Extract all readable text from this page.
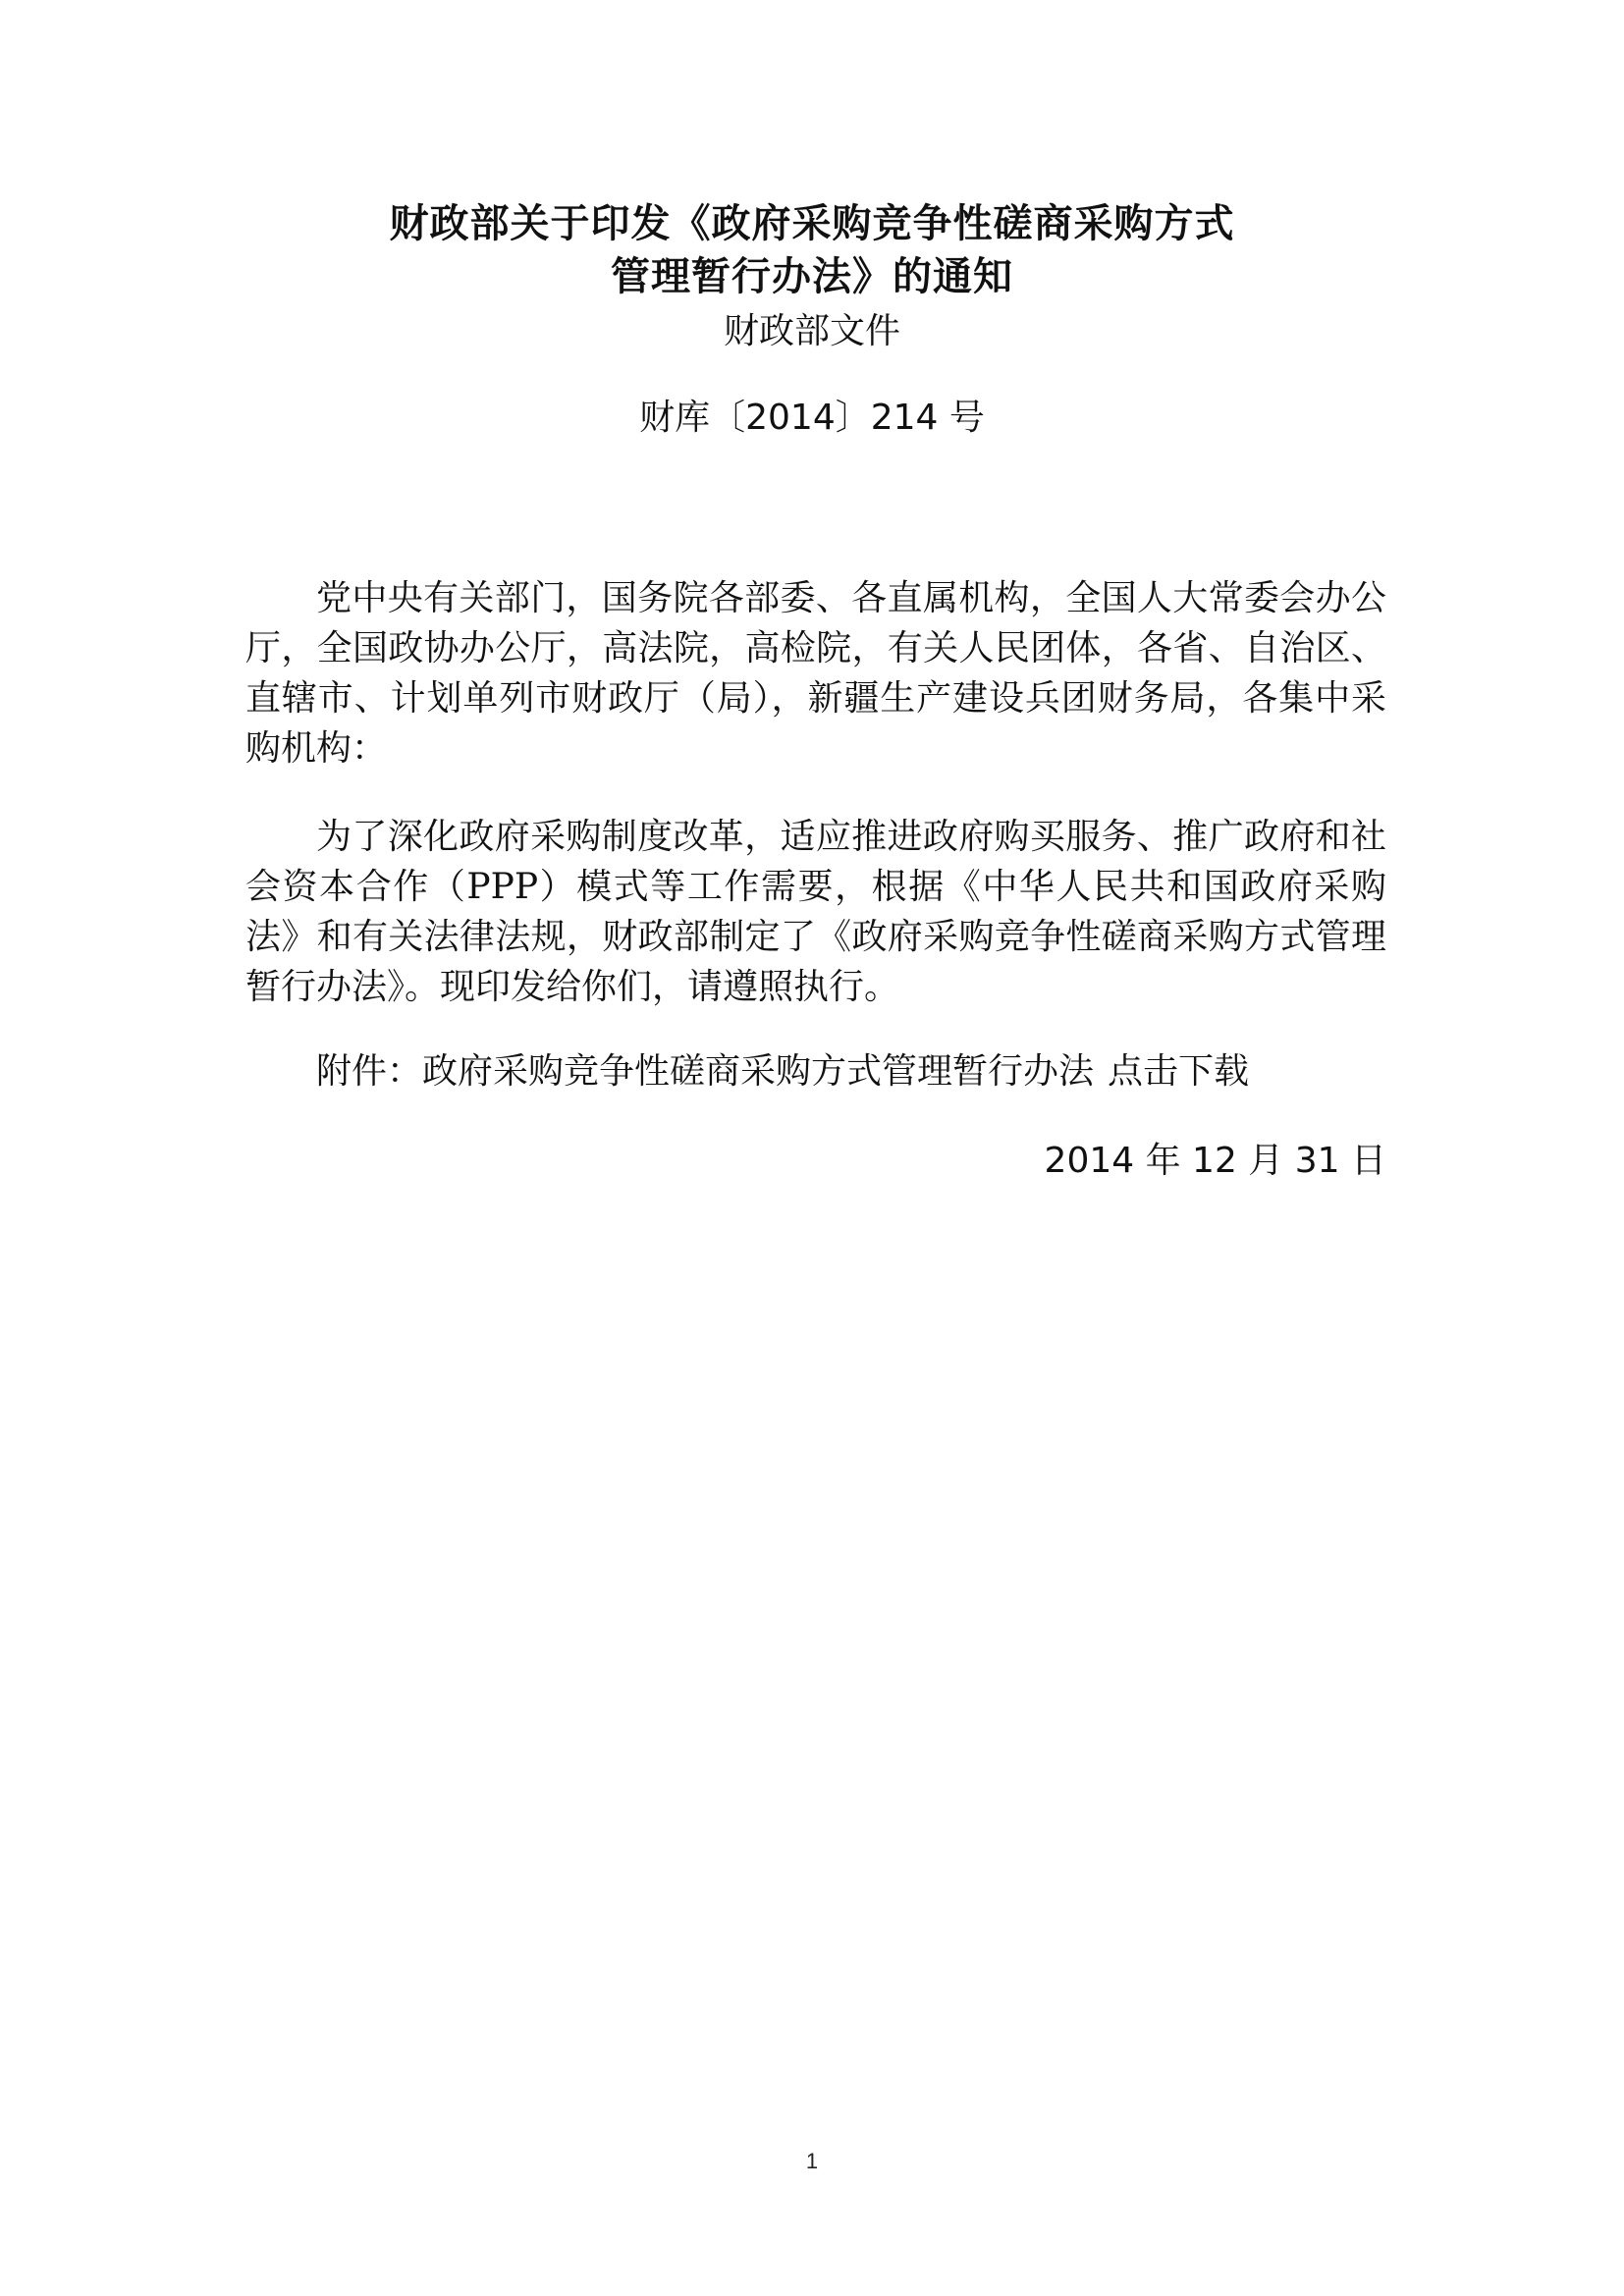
财政部关于印发《政府采购竞争性磋商采购方式
管理暂行办法》的通知
财政部文件
财库〔2014〕214 号

党中央有关部门，国务院各部委、各直属机构，全国人大常委会办公厅，全国政协办公厅，高法院，高检院，有关人民团体，各省、自治区、直辖市、计划单列市财政厅（局），新疆生产建设兵团财务局，各集中采购机构：

为了深化政府采购制度改革，适应推进政府购买服务、推广政府和社会资本合作（PPP）模式等工作需要，根据《中华人民共和国政府采购法》和有关法律法规，财政部制定了《政府采购竞争性磋商采购方式管理暂行办法》。现印发给你们，请遵照执行。

附件：政府采购竞争性磋商采购方式管理暂行办法 点击下载

2014 年 12 月 31 日
1
